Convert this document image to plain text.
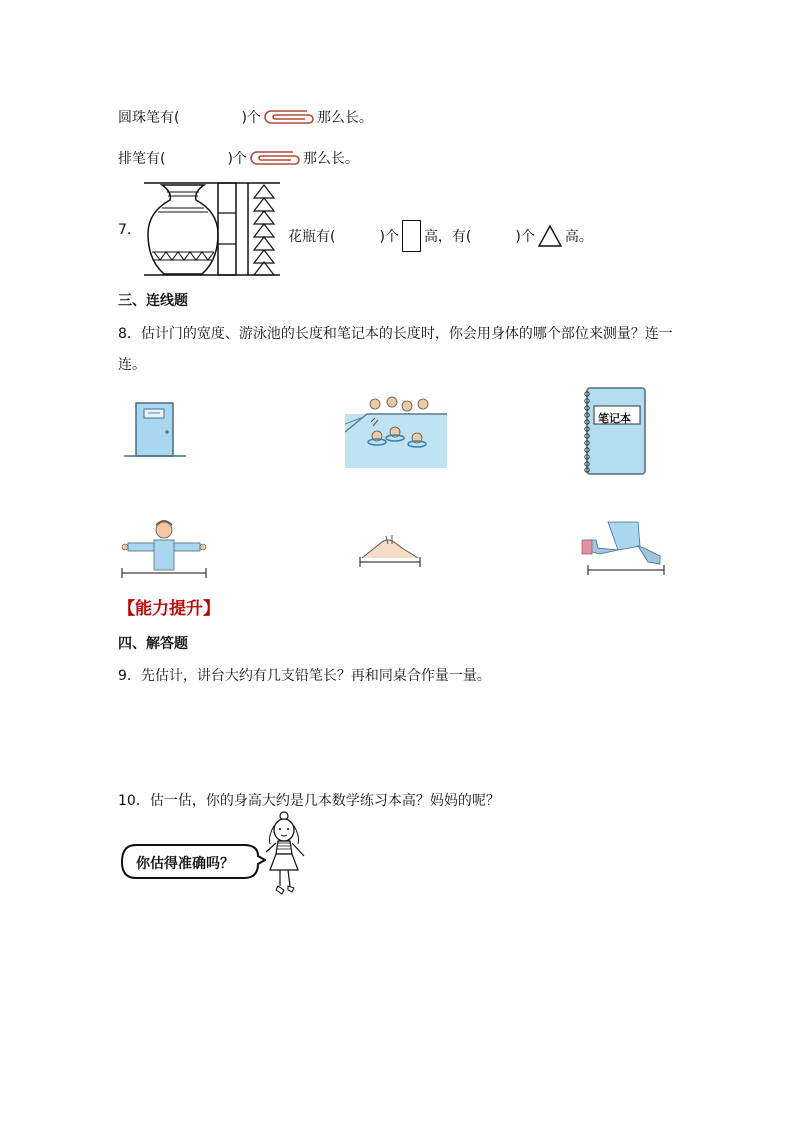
圆珠笔有(	)个	那么长。
排笔有(	)个	那么长。
7.	花瓶有(	)个 高，有(	)个 高。
三、连线题
8．估计门的宽度、游泳池的长度和笔记本的长度时，你会用身体的哪个部位来测量？连一
连。
笔记本
【能力提升】
四、解答题
9．先估计，讲台大约有几支铅笔长？再和同桌合作量一量。
10．估一估，你的身高大约是几本数学练习本高？妈妈的呢？
你估得准确吗？
